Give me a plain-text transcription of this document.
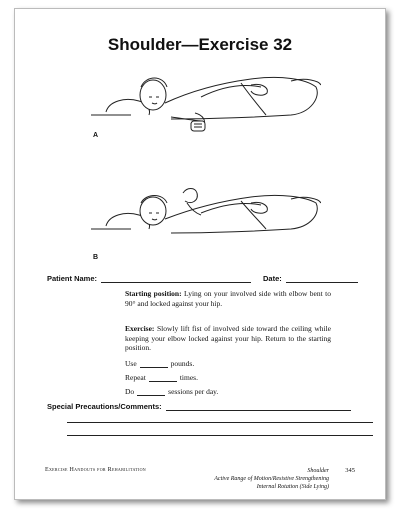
Shoulder—Exercise 32
A
B
Patient Name:	Date:
Starting position: Lying on your involved side with elbow bent to 90° and locked against your hip.
Exercise: Slowly lift fist of involved side toward the ceiling while keeping your elbow locked against your hip. Return to the starting position.
Use	pounds.
Repeat	times.
Do	sessions per day.
Special Precautions/Comments:
Exercise Handouts for Rehabilitation	Shoulder
Active Range of Motion/Resistive Strengthening
Internal Rotation (Side Lying)
345
